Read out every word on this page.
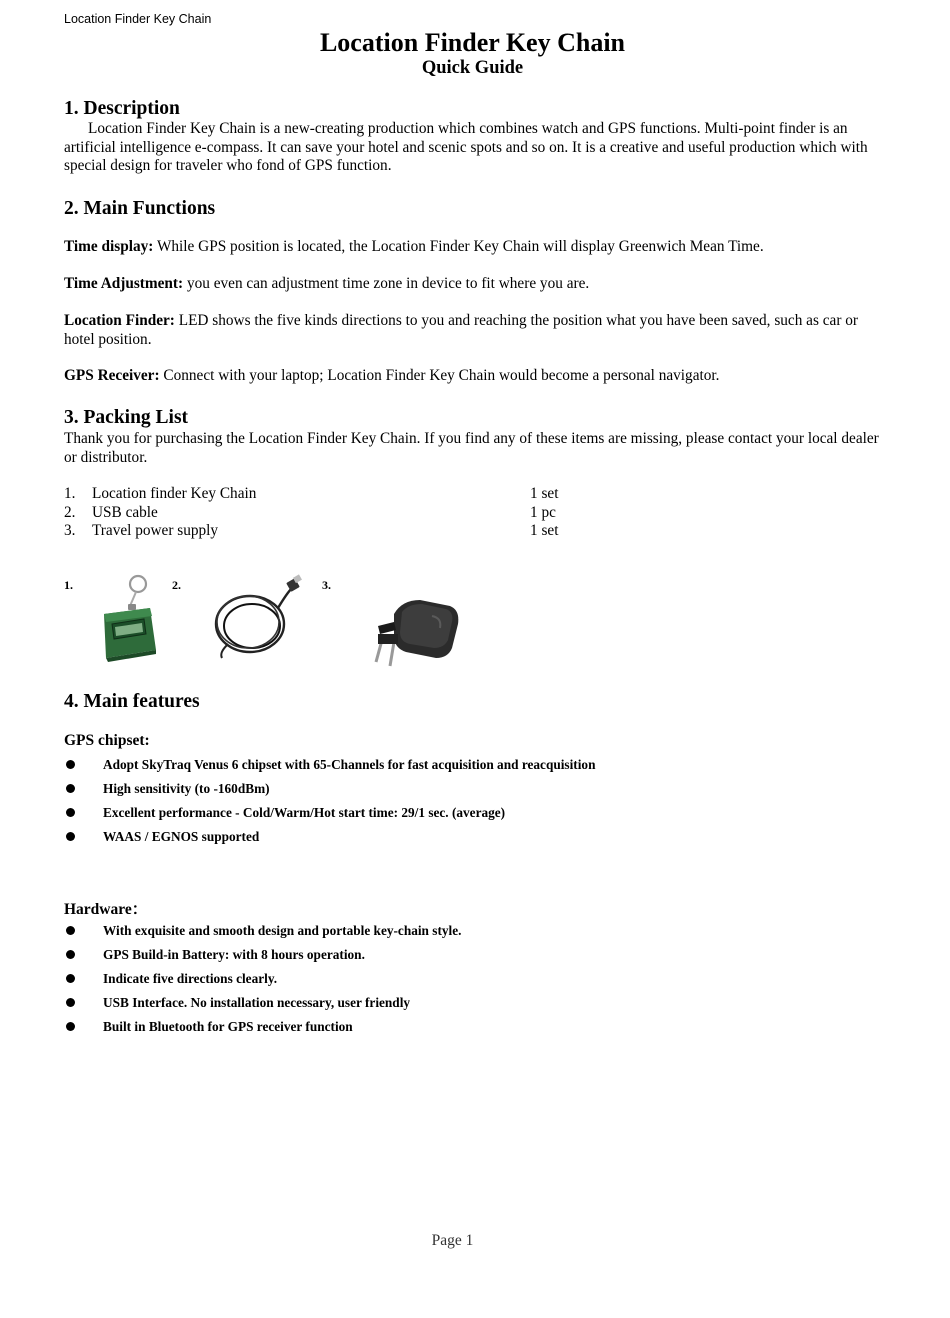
Location Finder Key Chain
Location Finder Key Chain
Quick Guide
1. Description
Location Finder Key Chain is a new-creating production which combines watch and GPS functions. Multi-point finder is an artificial intelligence e-compass. It can save your hotel and scenic spots and so on. It is a creative and useful production which with special design for traveler who fond of GPS function.
2. Main Functions
Time display: While GPS position is located, the Location Finder Key Chain will display Greenwich Mean Time.
Time Adjustment: you even can adjustment time zone in device to fit where you are.
Location Finder: LED shows the five kinds directions to you and reaching the position what you have been saved, such as car or hotel position.
GPS Receiver: Connect with your laptop; Location Finder Key Chain would become a personal navigator.
3. Packing List
Thank you for purchasing the Location Finder Key Chain. If you find any of these items are missing, please contact your local dealer or distributor.
1. Location finder Key Chain	1 set
2. USB cable	1 pc
3. Travel power supply	1 set
1.	2.	3.
4. Main features
GPS chipset:
Adopt SkyTraq Venus 6 chipset with 65-Channels for fast acquisition and reacquisition
High sensitivity (to -160dBm)
Excellent performance - Cold/Warm/Hot start time: 29/1 sec. (average)
WAAS / EGNOS supported
Hardware：
With exquisite and smooth design and portable key-chain style.
GPS Build-in Battery: with 8 hours operation.
Indicate five directions clearly.
USB Interface. No installation necessary, user friendly
Built in Bluetooth for GPS receiver function
Page 1
